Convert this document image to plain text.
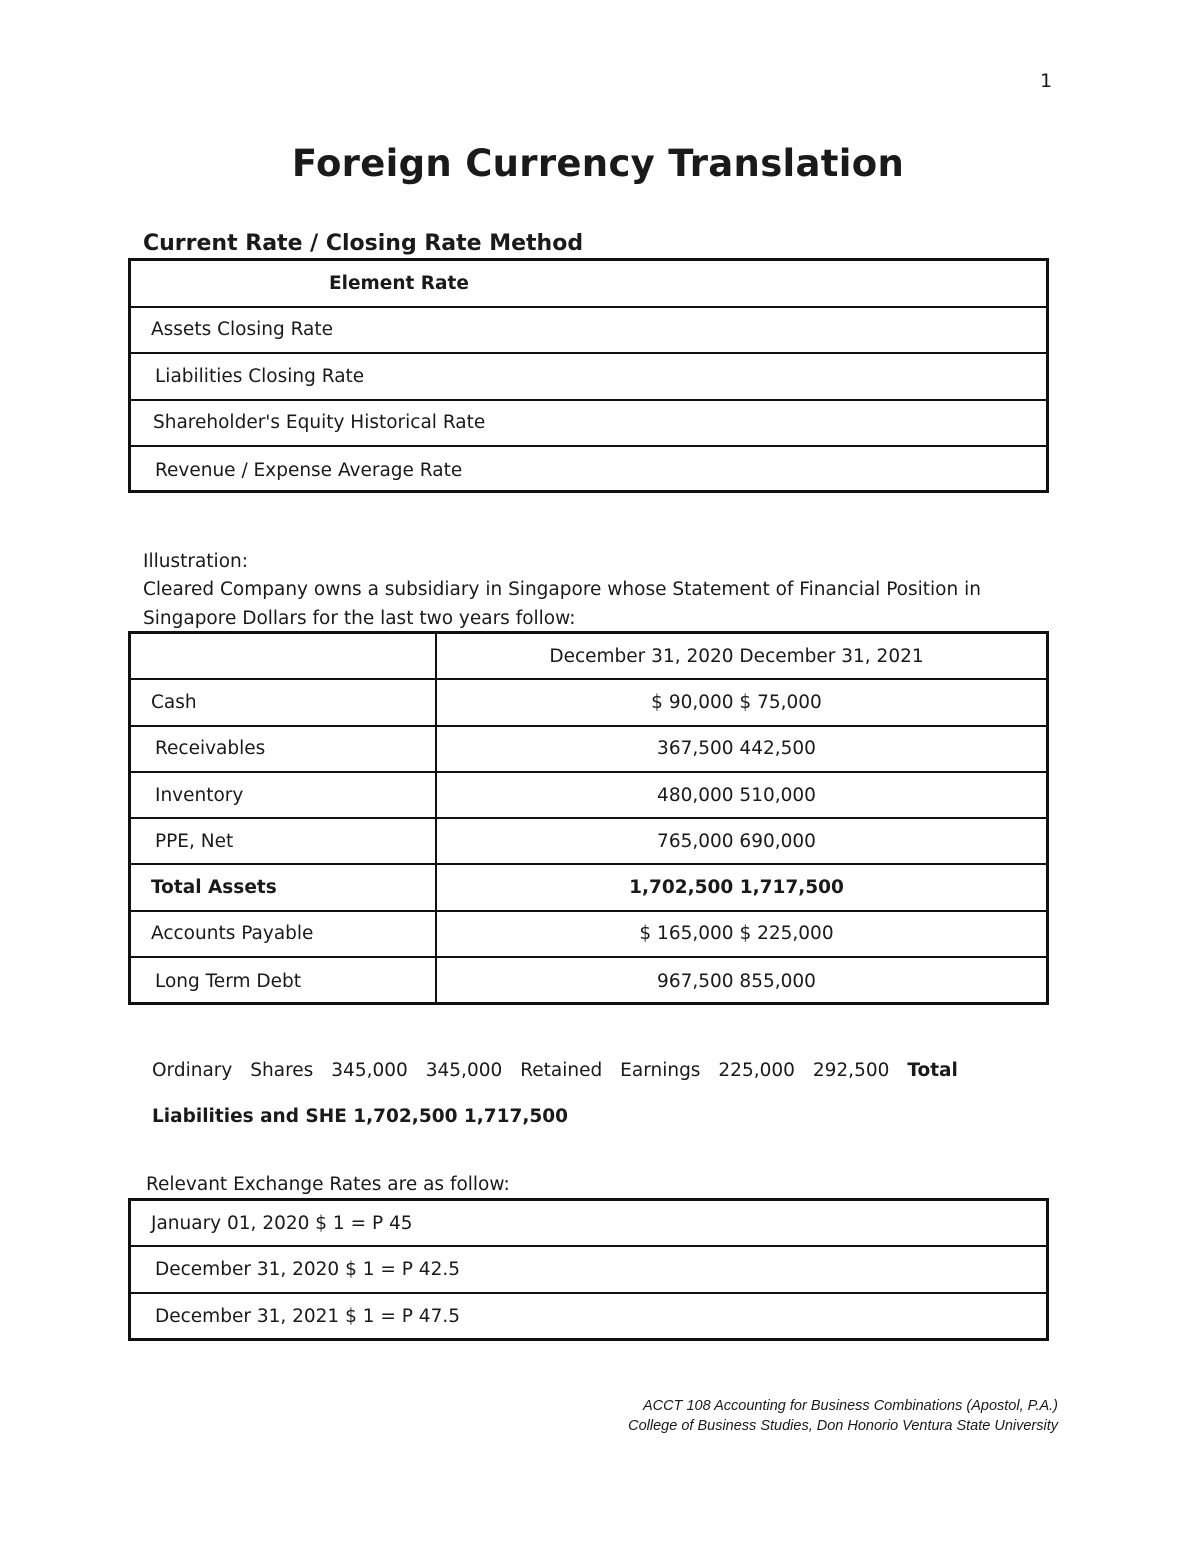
1
Foreign Currency Translation
Current Rate / Closing Rate Method
Element Rate
Assets Closing Rate
Liabilities Closing Rate
Shareholder's Equity Historical Rate
Revenue / Expense Average Rate
Illustration:
Cleared Company owns a subsidiary in Singapore whose Statement of Financial Position in Singapore Dollars for the last two years follow:
December 31, 2020 December 31, 2021
Cash	$ 90,000 $ 75,000
Receivables	367,500 442,500
Inventory	480,000 510,000
PPE, Net	765,000 690,000
Total Assets	1,702,500 1,717,500
Accounts Payable	$ 165,000 $ 225,000
Long Term Debt	967,500 855,000
Ordinary Shares 345,000 345,000 Retained Earnings 225,000 292,500 Total
Liabilities and SHE 1,702,500 1,717,500
Relevant Exchange Rates are as follow:
January 01, 2020 $ 1 = P 45
December 31, 2020 $ 1 = P 42.5
December 31, 2021 $ 1 = P 47.5
ACCT 108 Accounting for Business Combinations (Apostol, P.A.)
College of Business Studies, Don Honorio Ventura State University
